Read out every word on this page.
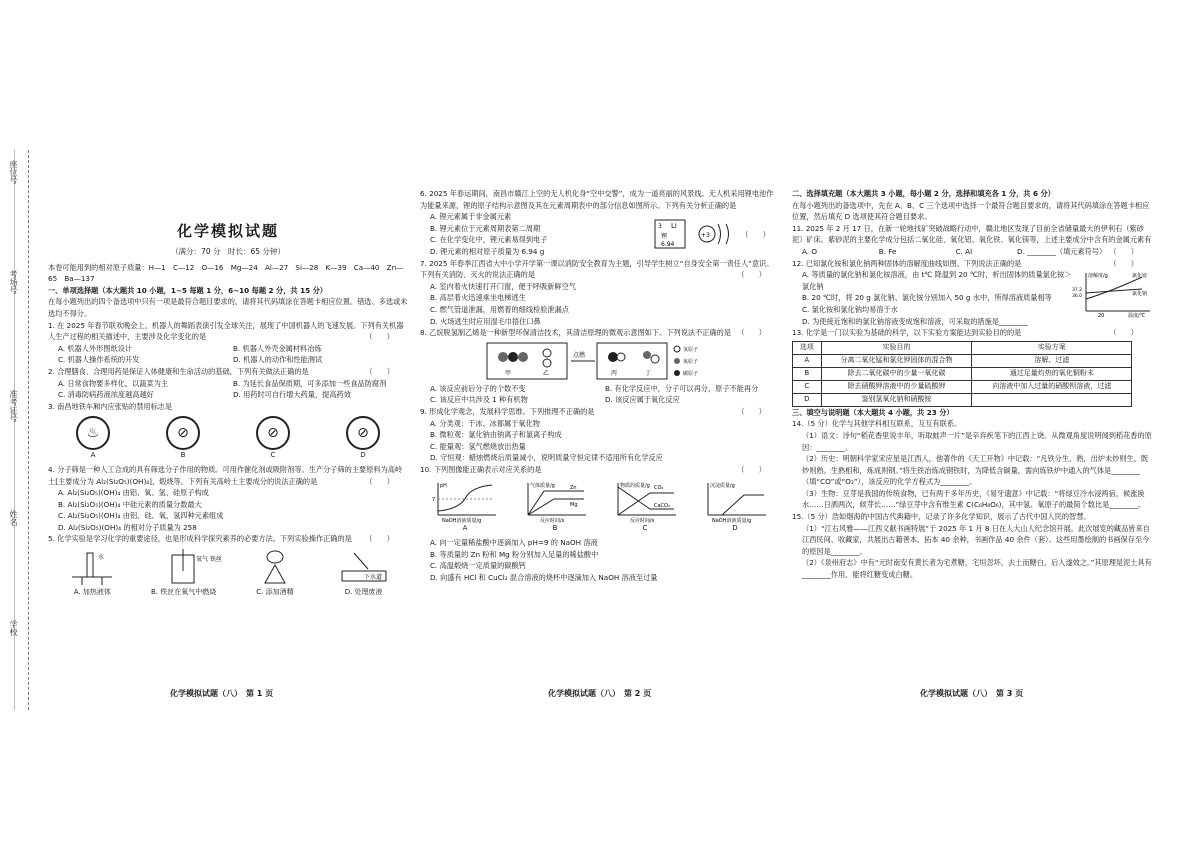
座位号
考场号
准考证号
姓名
学校
化学模拟试题
（满分：70 分　时长：65 分钟）

本卷可能用到的相对原子质量：H—1　C—12　O—16　Mg—24　Al—27　Si—28　K—39　Ca—40　Zn—65　Ba—137

一、单项选择题（本大题共 10 小题，1~5 每题 1 分，6~10 每题 2 分，共 15 分）

在每小题列出的四个备选项中只有一项是最符合题目要求的，请将其代码填涂在答题卡相应位置。错选、多选或未选均不得分。

1. 在 2025 年春节联欢晚会上，机器人的舞蹈表演引发全球关注，展现了中国机器人的飞速发展。下列有关机器人生产过程的相关描述中，主要涉及化学变化的是	（　　）

A. 机器人外形图纸设计	B. 机器人外壳金属材料冶炼
C. 机器人操作系统的开发	D. 机器人的动作和性能测试

2. 合理膳食、合理用药是保证人体健康和生命活动的基础，下列有关做法正确的是	（　　）

A. 日常食物要多样化，以蔬菜为主	B. 为延长食品保质期，可多添加一些食品防腐剂
C. 消毒防病药液浓度越高越好	D. 用药时可自行增大药量，提高药效

3. 南昌地铁车厢内应张贴的禁用标志是

♨
A
⊘
B
⊘
C
⊘
D

4. 分子筛是一种人工合成的具有筛选分子作用的物质。可用作催化剂或吸附剂等。生产分子筛的主要原料为高岭土[主要成分为 Al₂(Si₂O₅)(OH)₄]，煅烧等。下列有关高岭土主要成分的说法正确的是	（　　）

A. Al₂(Si₂O₅)(OH)₄ 由铝、氧、氢、硅原子构成

B. Al₂(Si₂O₅)(OH)₄ 中硅元素的质量分数最大

C. Al₂(Si₂O₅)(OH)₄ 由铝、硅、氧、氢四种元素组成

D. Al₂(Si₂O₅)(OH)₄ 的相对分子质量为 258

5. 化学实验是学习化学的重要途径，也是形成科学探究素养的必要方法。下列实验操作正确的是 （　　）

水
A. 加热液体
氧气 铁丝
B. 铁丝在氧气中燃烧	C. 添加酒精
下水道
D. 处理废液
化学模拟试题（八）　第 1 页

6. 2025 年春运期间，南昌市赣江上空的无人机化身“空中交警”，成为一道亮丽的风景线。无人机采用锂电池作为能量来源，锂的原子结构示意图及其在元素周期表中的部分信息如图所示。下列有关分析正确的是

A. 锂元素属于非金属元素

B. 锂元素位于元素周期表第二周期

C. 在化学变化中，锂元素易得到电子

D. 锂元素的相对原子质量为 6.94 g

3 Li
锂
6.94
+3	（　　）

7. 2025 年春季江西省大中小学开学第一课以消防安全教育为主题，引导学生树立“自身安全第一责任人”意识。下列有关消防、灭火的说法正确的是	（　　）

A. 室内着火快速打开门窗，便于呼吸新鲜空气

B. 高层着火迅速乘坐电梯逃生

C. 燃气管道泄漏，用燃着的细线检验泄漏点

D. 火场逃生时应用湿毛巾捂住口鼻

8. 乙烷脱氢制乙烯是一种新型环保清洁技术，其清洁原理的微观示意图如下。下列说法不正确的是 （　　）

甲	乙
点燃
丙	丁
氢原子
氧原子
碳原子
A. 该反应前后分子的个数不变	B. 有化学反应中，分子可以再分，原子不能再分
C. 该反应中共涉及 1 种有机物	D. 该反应属于氧化反应

9. 形成化学观念，发展科学思维。下列推理不正确的是	（　　）

A. 分类观：干冰、冰都属于氧化物

B. 微粒观：氯化钠由钠离子和氯离子构成

C. 能量观：氢气燃烧放出热量

D. 守恒观：蜡烛燃烧后质量减小，说明质量守恒定律不适用所有化学反应

10. 下列图像能正确表示对应关系的是	（　　）

7
pH
NaOH溶液质量/g
A
Zn
Mg
气体质量/g
反应时间/s
B
CO₂
CaCO₃
物质的质量/g
反应时间/s
C
沉淀质量/g
NaOH溶液质量/g
D

A. 向一定量稀盐酸中逐滴加入 pH=9 的 NaOH 溶液

B. 等质量的 Zn 粉和 Mg 粉分别加入足量的稀盐酸中

C. 高温煅烧一定质量的碳酸钙

D. 向盛有 HCl 和 CuCl₂ 混合溶液的烧杯中逐滴加入 NaOH 溶液至过量

化学模拟试题（八）　第 2 页

二、选择填充题（本大题共 3 小题，每小题 2 分，选择和填充各 1 分，共 6 分）

在每小题列出的备选项中，先在 A、B、C 三个选项中选择一个最符合题目要求的，请将其代码填涂在答题卡相应位置，然后填充 D 选项使其符合题目要求。

11. 2025 年 2 月 17 日，在新一轮地找矿突破战略行动中，赣北地区发现了目前全省储量最大的伊利石（紫砂泥）矿床。紫砂泥的主要化学成分包括二氧化硅、氧化铝、氧化铁、氧化镁等，上述主要成分中含有的金属元素有
（　　）

A. O	B. Fe	C. Al	D. ________（填元素符号）

12. 已知氯化铵和氯化钠两种固体的溶解度曲线如图。下列说法正确的是	（　　）

A. 等质量的氯化钠和氯化铵溶液，由 t℃ 降温到 20 ℃时，析出固体的质量氯化铵＞氯化钠

B. 20 ℃时，将 20 g 氯化钠、氯化铵分别加入 50 g 水中，所得溶液质量相等

C. 氯化铵和氯化钠均易溶于水

D. 为使接近饱和的氯化钠溶液变成饱和溶液，可采取的措施是________

溶解度/g	氯化铵
氯化钠
37.2
36.0
20	温度/℃

13. 化学是一门以实验为基础的科学，以下实验方案能达到实验目的的是	（　　）

选项	实验目的	实验方案
A	分离二氧化锰和氯化钾固体的混合物	溶解、过滤
B	除去二氧化碳中的少量一氧化碳	通过足量灼热的氧化铜粉末
C	除去硝酸钾溶液中的少量硫酸钾	向溶液中加入过量的硝酸钡溶液，过滤
D	鉴别氢氧化钠和硝酸铵	

三、填空与说明题（本大题共 4 小题，共 23 分）

14.（5 分）化学与其他学科相互联系，互互有联系。

（1）语文：诗句“稻花香里说丰年，听取蛙声一片”是辛弃疾笔下的江西上饶。从微观角度说明闻到稻花香的原因：________。

（2）历史：明朝科学家宋应星是江西人，他著作的《天工开物》中记载：“凡铁分生、熟，出炉未炒则生，既炒则熟。生熟相和，炼成则钢。”将生铁冶炼成钢铁时，为降低含碳量，需向炼铁炉中通入的气体是________（填“CO”或“O₂”），该反应的化学方程式为________。

（3）生物：豆芽是我国的传统食物，已有两千多年历史，《易牙遗意》中记载：“将绿豆冷水浸两宿，候涨换水……日洒两次，候芽长……”绿豆芽中含有维生素 C(C₆H₈O₆)，其中氢、氧原子的最简个数比是________。

15.（5 分）浩如烟海的中国古代典籍中，记录了许多化学知识，展示了古代中国人民的智慧。

（1）“江右风雅——江西文献书画特展”于 2025 年 1 月 8 日在人大山人纪念馆开展。此次展览的藏品皆来自江西民间、收藏家，共展出古籍善本、拓本 40 余种，书画作品 40 余件（套）。这些用墨绘制的书画保存至今的原因是________。

（2）《泉州府志》中有“元时南安有黄长者为宅煮糖，宅垣忽坏，去土而糖白，后人遂效之。”其原理是泥土具有________作用，能将红糖变成白糖。

化学模拟试题（八）　第 3 页
